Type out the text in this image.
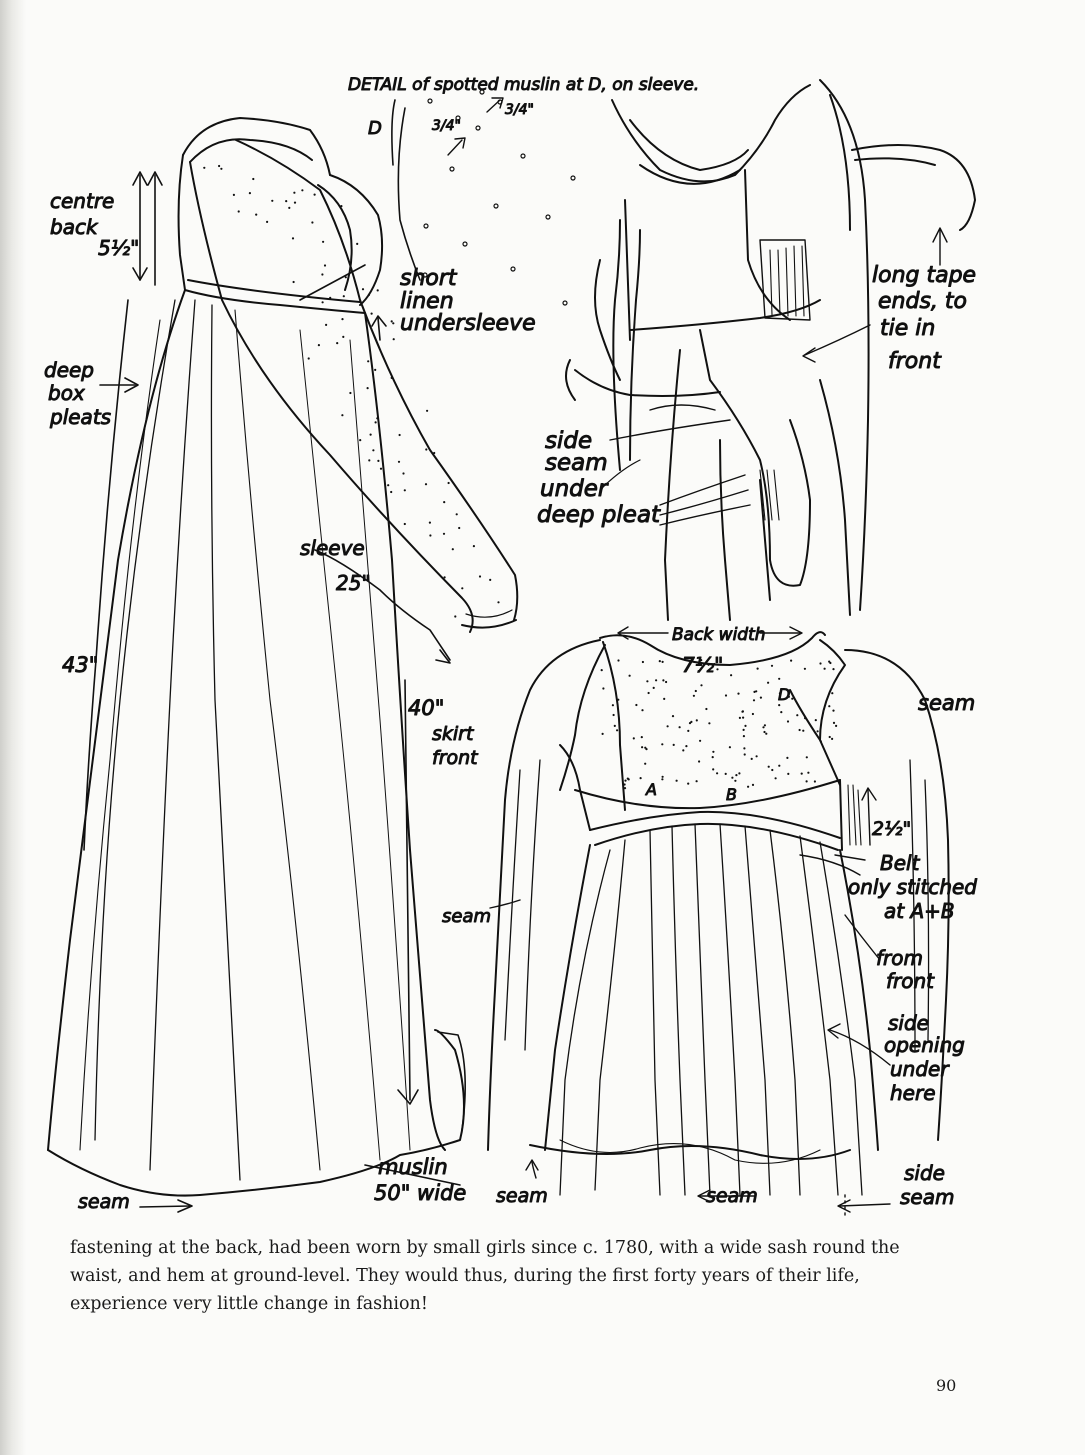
DETAIL of spotted muslin at D, on sleeve.
D	3/4"
3/4"
centre
back
5½"
deep
box
pleats
short
linen
undersleeve
long tape
ends, to
tie in
front
side
seam
under
deep pleat
sleeve
25"
43"
40"
skirt
front
Back width
7½"
D
A	B
seam
2½"
Belt
only stitched
at A+B
from
front
side
opening
under
here
seam
muslin
50" wide
seam	seam	seam
side
seam
fastening at the back, had been worn by small girls since c. 1780, with a wide sash round the
waist, and hem at ground-level. They would thus, during the first forty years of their life,
experience very little change in fashion!
90
